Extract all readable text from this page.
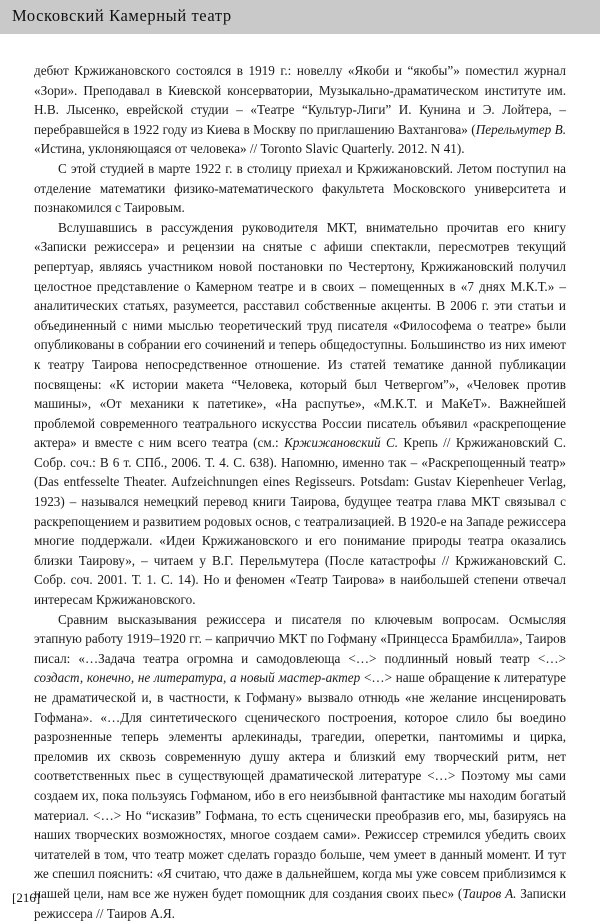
Московский Камерный театр

дебют Кржижановского состоялся в 1919 г.: новеллу «Якоби и “якобы”» поместил журнал «Зори». Преподавал в Киевской консерватории, Музыкально-драматическом институте им. Н.В. Лысенко, еврейской студии – «Театре “Культур-Лиги” И. Кунина и Э. Лойтера, – перебравшейся в 1922 году из Киева в Москву по приглашению Вахтангова» (Перельмутер В. «Истина, уклоняющаяся от человека» // Toronto Slavic Quarterly. 2012. N 41).

С этой студией в марте 1922 г. в столицу приехал и Кржижановский. Летом поступил на отделение математики физико-математического факультета Московского университета и познакомился с Таировым.

Вслушавшись в рассуждения руководителя МКТ, внимательно прочитав его книгу «Записки режиссера» и рецензии на снятые с афиши спектакли, пересмотрев текущий репертуар, являясь участником новой постановки по Честертону, Кржижановский получил целостное представление о Камерном театре и в своих – помещенных в «7 днях М.К.Т.» – аналитических статьях, разумеется, расставил собственные акценты. В 2006 г. эти статьи и объединенный с ними мыслью теоретический труд писателя «Философема о театре» были опубликованы в собрании его сочинений и теперь общедоступны. Большинство из них имеют к театру Таирова непосредственное отношение. Из статей тематике данной публикации посвящены: «К истории макета “Человека, который был Четвергом”», «Человек против машины», «От механики к патетике», «На распутье», «М.К.Т. и МаКеТ». Важнейшей проблемой современного театрального искусства России писатель объявил «раскрепощение актера» и вместе с ним всего театра (см.: Кржижановский С. Крепь // Кржижановский С. Собр. соч.: В 6 т. СПб., 2006. Т. 4. С. 638). Напомню, именно так – «Раскрепощенный театр» (Das entfesselte Theater. Aufzeichnungen eines Regisseurs. Potsdam: Gustav Kiepenheuer Verlag, 1923) – назывался немецкий перевод книги Таирова, будущее театра глава МКТ связывал с раскрепощением и развитием родовых основ, с театрализацией. В 1920-е на Западе режиссера многие поддержали. «Идеи Кржижановского и его понимание природы театра оказались близки Таирову», – читаем у В.Г. Перельмутера (После катастрофы // Кржижановский С. Собр. соч. 2001. Т. 1. С. 14). Но и феномен «Театр Таирова» в наибольшей степени отвечал интересам Кржижановского.

Сравним высказывания режиссера и писателя по ключевым вопросам. Осмысляя этапную работу 1919–1920 гг. – каприччио МКТ по Гофману «Принцесса Брамбилла», Таиров писал: «…Задача театра огромна и самодовлеюща <…> подлинный новый театр <…> создаст, конечно, не литература, а новый мастер-актер <…> наше обращение к литературе не драматической и, в частности, к Гофману» вызвало отнюдь «не желание инсценировать Гофмана». «…Для синтетического сценического построения, которое слило бы воедино разрозненные теперь элементы арлекинады, трагедии, оперетки, пантомимы и цирка, преломив их сквозь современную душу актера и близкий ему творческий ритм, нет соответственных пьес в существующей драматической литературе <…> Поэтому мы сами создаем их, пока пользуясь Гофманом, ибо в его неизбывной фантастике мы находим богатый материал. <…> Но “исказив” Гофмана, то есть сценически преобразив его, мы, базируясь на наших творческих возможностях, многое создаем сами». Режиссер стремился убедить своих читателей в том, что театр может сделать гораздо больше, чем умеет в данный момент. И тут же спешил пояснить: «Я считаю, что даже в дальнейшем, когда мы уже совсем приблизимся к нашей цели, нам все же нужен будет помощник для создания своих пьес» (Таиров А. Записки режиссера // Таиров А.Я.

[216]
